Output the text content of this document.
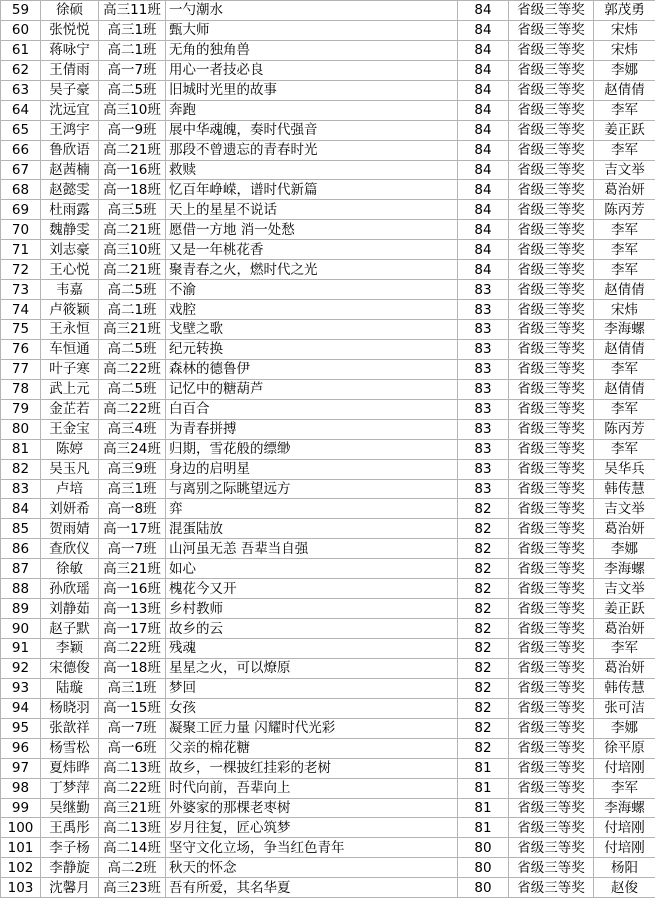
59	徐硕	高三11班	一勺潮水	84	省级三等奖	郭茂勇
60	张悦悦	高三1班	甄大师	84	省级三等奖	宋炜
61	蒋咏宁	高二1班	无角的独角兽	84	省级三等奖	宋炜
62	王倩雨	高一7班	用心一者技必良	84	省级三等奖	李娜
63	吴子豪	高二5班	旧城时光里的故事	84	省级三等奖	赵倩倩
64	沈远宜	高三10班	奔跑	84	省级三等奖	李军
65	王鸿宇	高一9班	展中华魂魄，奏时代强音	84	省级三等奖	姜正跃
66	鲁欣语	高二21班	那段不曾遗忘的青春时光	84	省级三等奖	李军
67	赵茜楠	高一16班	救赎	84	省级三等奖	吉文举
68	赵懿雯	高一18班	忆百年峥嵘，谱时代新篇	84	省级三等奖	葛治妍
69	杜雨露	高三5班	天上的星星不说话	84	省级三等奖	陈丙芳
70	魏静雯	高二21班	愿借一方地 消一处愁	84	省级三等奖	李军
71	刘志豪	高三10班	又是一年桃花香	84	省级三等奖	李军
72	王心悦	高二21班	聚青春之火，燃时代之光	84	省级三等奖	李军
73	韦嘉	高二5班	不渝	83	省级三等奖	赵倩倩
74	卢筱颖	高二1班	戏腔	83	省级三等奖	宋炜
75	王永恒	高三21班	戈壁之歌	83	省级三等奖	李海螺
76	车恒通	高二5班	纪元转换	83	省级三等奖	赵倩倩
77	叶子寒	高二22班	森林的德鲁伊	83	省级三等奖	李军
78	武上元	高二5班	记忆中的糖葫芦	83	省级三等奖	赵倩倩
79	金芷若	高二22班	白百合	83	省级三等奖	李军
80	王金宝	高三4班	为青春拼搏	83	省级三等奖	陈丙芳
81	陈婷	高三24班	归期，雪花般的缥缈	83	省级三等奖	李军
82	吴玉凡	高三9班	身边的启明星	83	省级三等奖	吴华兵
83	卢培	高三1班	与离别之际眺望远方	83	省级三等奖	韩传慧
84	刘妍希	高一8班	弈	82	省级三等奖	吉文举
85	贺雨婧	高一17班	混蛋陆放	82	省级三等奖	葛治妍
86	查欣仪	高一7班	山河虽无恙 吾辈当自强	82	省级三等奖	李娜
87	徐敏	高三21班	如心	82	省级三等奖	李海螺
88	孙欣瑶	高一16班	槐花今又开	82	省级三等奖	吉文举
89	刘静茹	高一13班	乡村教师	82	省级三等奖	姜正跃
90	赵子默	高一17班	故乡的云	82	省级三等奖	葛治妍
91	李颖	高二22班	残魂	82	省级三等奖	李军
92	宋德俊	高一18班	星星之火，可以燎原	82	省级三等奖	葛治妍
93	陆璇	高三1班	梦回	82	省级三等奖	韩传慧
94	杨晓羽	高一15班	女孩	82	省级三等奖	张可洁
95	张歆祥	高一7班	凝聚工匠力量 闪耀时代光彩	82	省级三等奖	李娜
96	杨雪松	高一6班	父亲的棉花糖	82	省级三等奖	徐平原
97	夏炜晔	高二13班	故乡，一棵披红挂彩的老树	81	省级三等奖	付培刚
98	丁梦萍	高二22班	时代向前，吾辈向上	81	省级三等奖	李军
99	吴继勤	高三21班	外婆家的那棵老枣树	81	省级三等奖	李海螺
100	王禹彤	高二13班	岁月往复，匠心筑梦	81	省级三等奖	付培刚
101	李子杨	高二14班	坚守文化立场，争当红色青年	80	省级三等奖	付培刚
102	李静旋	高二2班	秋天的怀念	80	省级三等奖	杨阳
103	沈馨月	高三23班	吾有所爱，其名华夏	80	省级三等奖	赵俊
